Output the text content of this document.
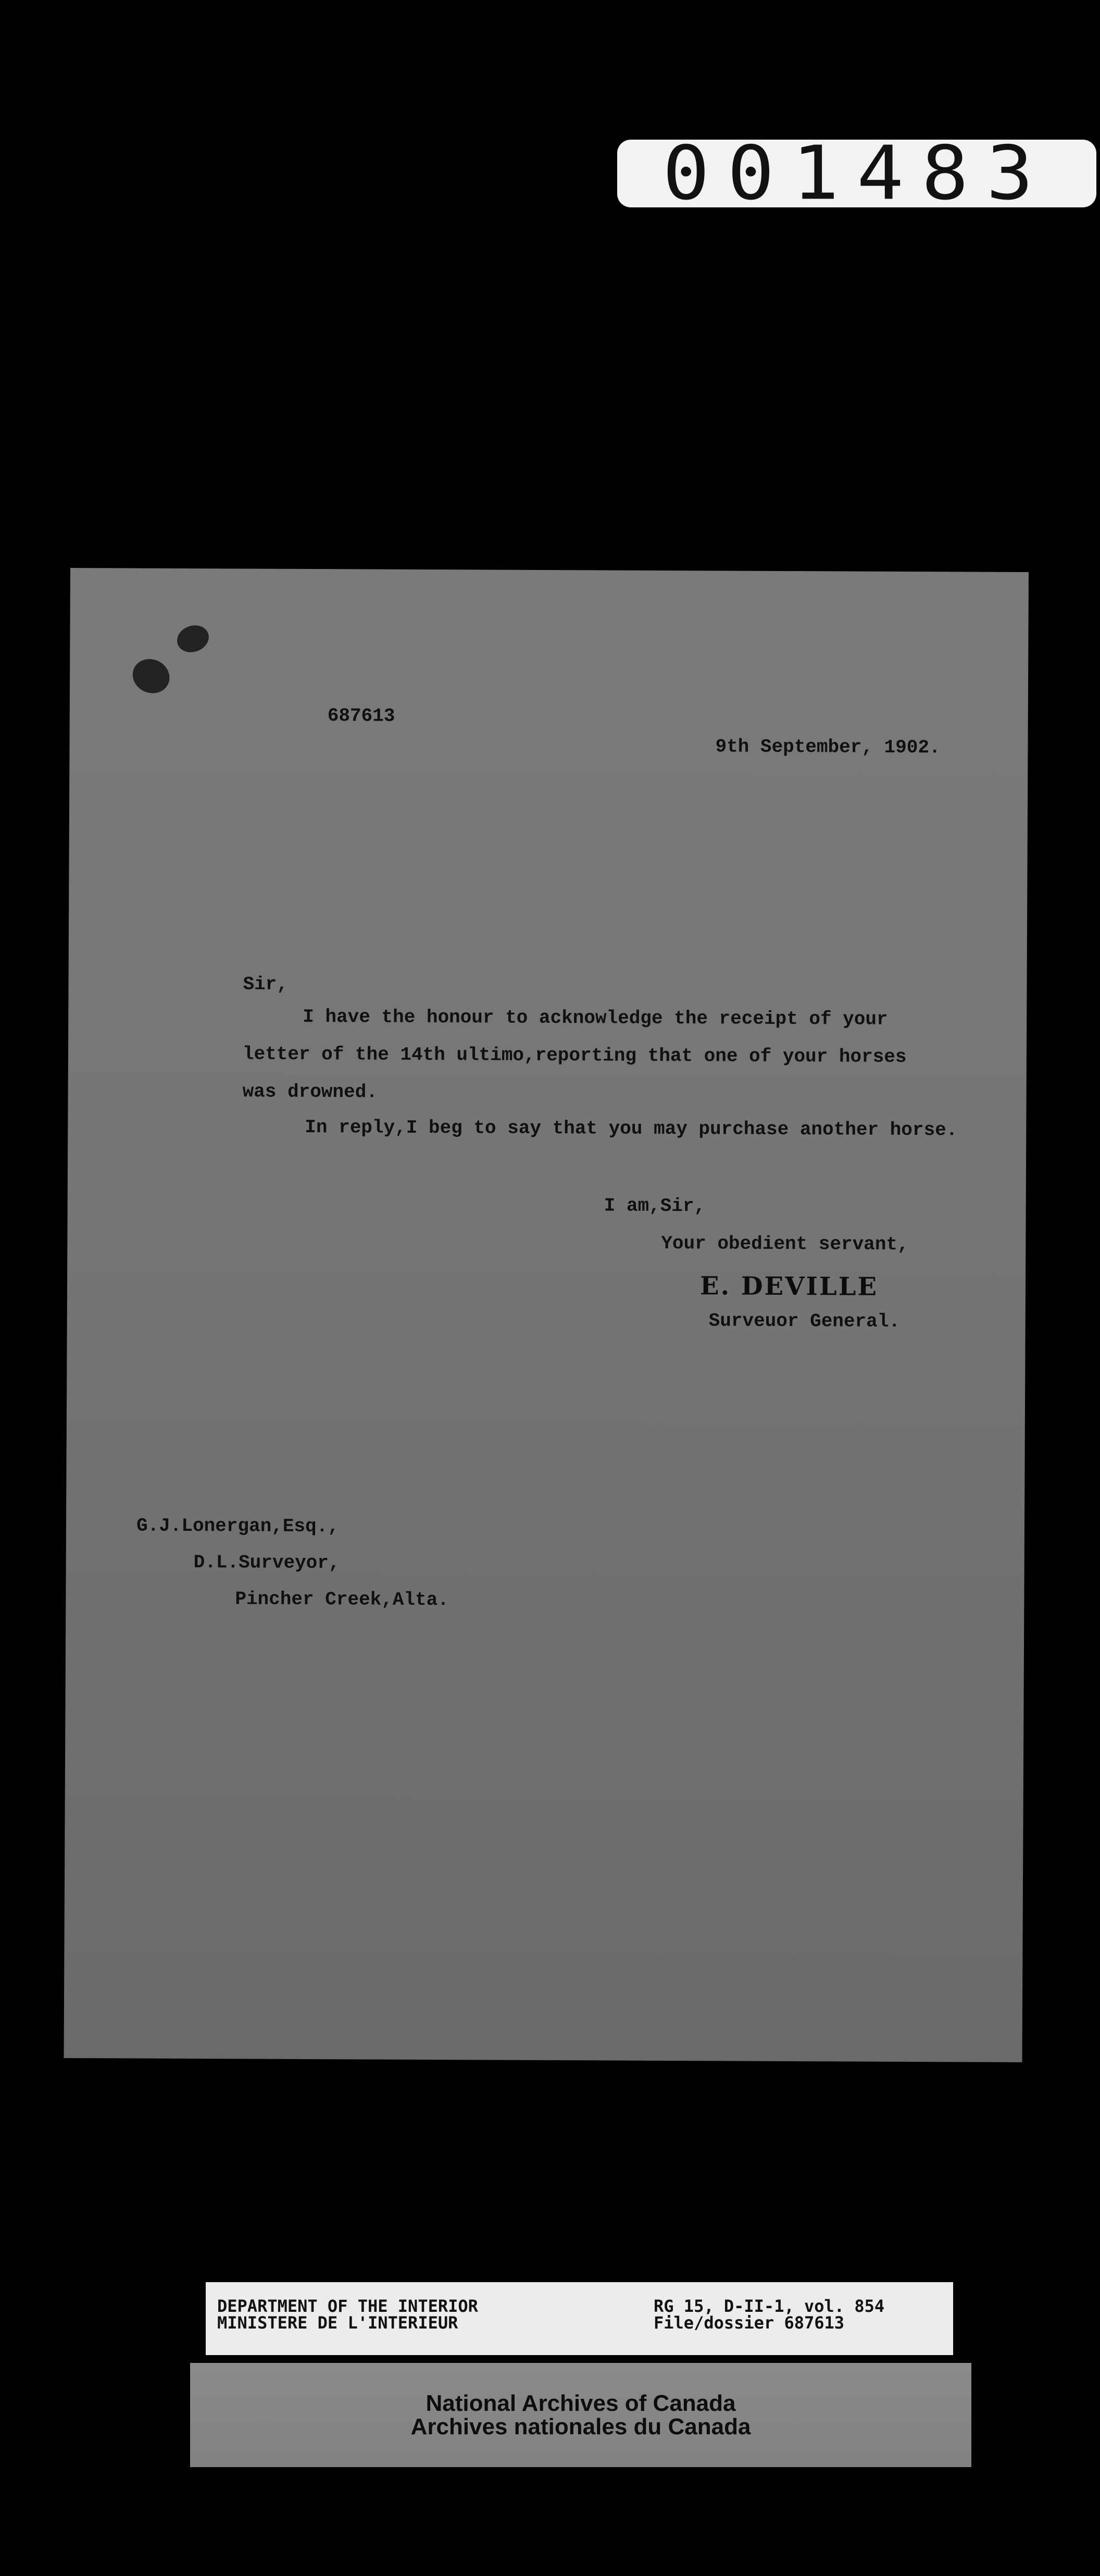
001483
687613
9th September, 1902.
Sir,
I have the honour to acknowledge the receipt of your
letter of the 14th ultimo,reporting that one of your horses
was drowned.
In reply,I beg to say that you may purchase another horse.
I am,Sir,
Your obedient servant,
E. DEVILLE
Surveuor General.
G.J.Lonergan,Esq.,
D.L.Surveyor,
Pincher Creek,Alta.
DEPARTMENT OF THE INTERIOR
MINISTERE DE L'INTERIEUR
RG 15, D-II-1, vol. 854
File/dossier 687613
National Archives of Canada
Archives nationales du Canada
